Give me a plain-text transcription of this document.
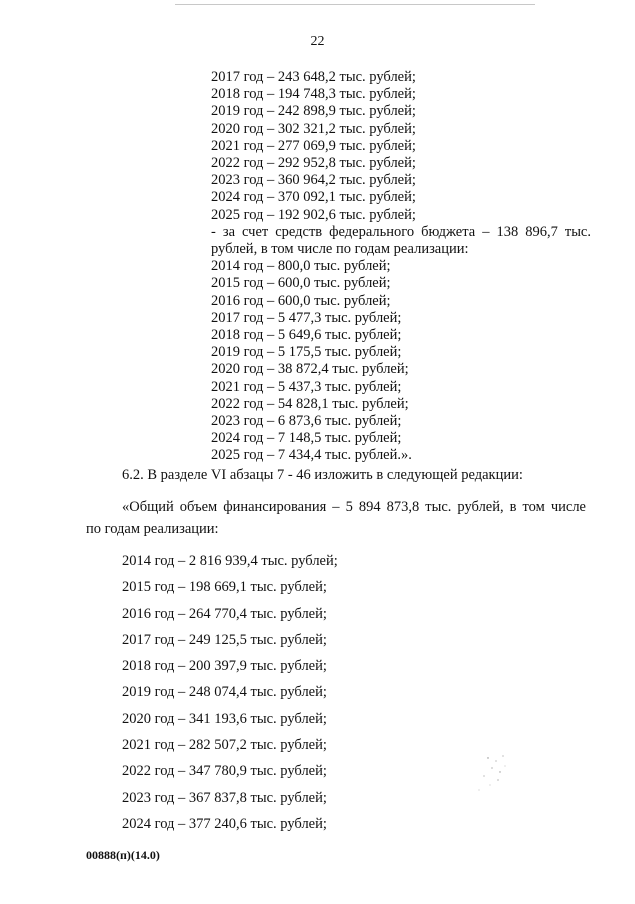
22
2017 год – 243 648,2 тыс. рублей;
2018 год – 194 748,3 тыс. рублей;
2019 год – 242 898,9 тыс. рублей;
2020 год – 302 321,2 тыс. рублей;
2021 год – 277 069,9 тыс. рублей;
2022 год – 292 952,8 тыс. рублей;
2023 год – 360 964,2 тыс. рублей;
2024 год – 370 092,1 тыс. рублей;
2025 год – 192 902,6 тыс. рублей;
- за счет средств федерального бюджета – 138 896,7 тыс.
рублей, в том числе по годам реализации:
2014 год – 800,0 тыс. рублей;
2015 год – 600,0 тыс. рублей;
2016 год – 600,0 тыс. рублей;
2017 год – 5 477,3 тыс. рублей;
2018 год – 5 649,6 тыс. рублей;
2019 год – 5 175,5 тыс. рублей;
2020 год – 38 872,4 тыс. рублей;
2021 год – 5 437,3 тыс. рублей;
2022 год – 54 828,1 тыс. рублей;
2023 год – 6 873,6 тыс. рублей;
2024 год – 7 148,5 тыс. рублей;
2025 год – 7 434,4 тыс. рублей.».
6.2. В разделе VI абзацы 7 - 46 изложить в следующей редакции:
«Общий объем финансирования – 5 894 873,8 тыс. рублей, в том числе
по годам реализации:
2014 год – 2 816 939,4 тыс. рублей;
2015 год – 198 669,1 тыс. рублей;
2016 год – 264 770,4 тыс. рублей;
2017 год – 249 125,5 тыс. рублей;
2018 год – 200 397,9 тыс. рублей;
2019 год – 248 074,4 тыс. рублей;
2020 год – 341 193,6 тыс. рублей;
2021 год – 282 507,2 тыс. рублей;
2022 год – 347 780,9 тыс. рублей;
2023 год – 367 837,8 тыс. рублей;
2024 год – 377 240,6 тыс. рублей;
00888(п)(14.0)
